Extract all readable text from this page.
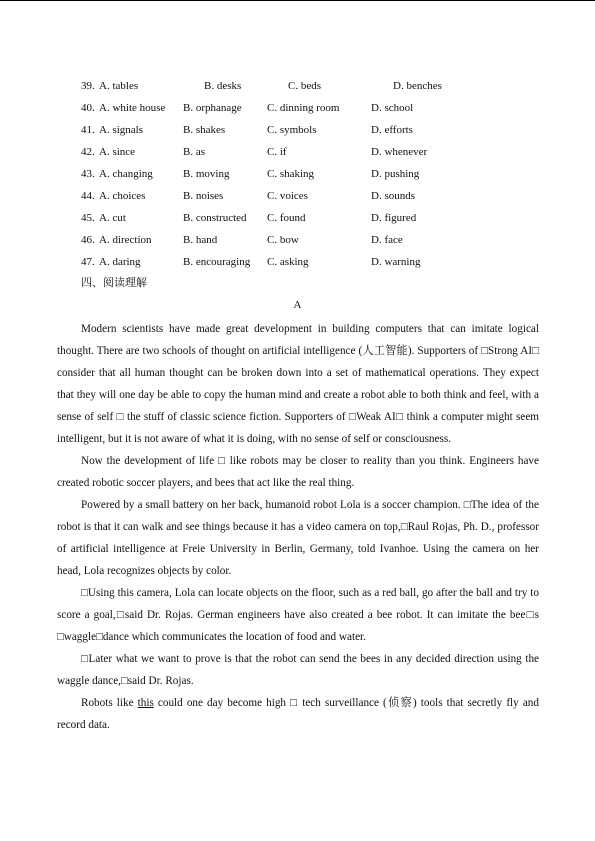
39. A. tables	B. desks	C. beds	D. benches
40. A. white house B. orphanage C. dinning room	D. school
41. A. signals	B. shakes	C. symbols	D. efforts
42. A. since	B. as	C. if	D. whenever
43. A. changing	B. moving	C. shaking	D. pushing
44. A. choices	B. noises	C. voices	D. sounds
45. A. cut	B. constructed C. found	D. figured
46. A. direction	B. hand	C. bow	D. face
47. A. daring	B. encouraging C. asking	D. warning
四、阅读理解
A

Modern scientists have made great development in building computers that can imitate logical thought. There are two schools of thought on artificial intelligence (人工智能). Supporters of □Strong AI□ consider that all human thought can be broken down into a set of mathematical operations. They expect that they will one day be able to copy the human mind and create a robot able to both think and feel, with a sense of self □ the stuff of classic science fiction. Supporters of □Weak AI□ think a computer might seem intelligent, but it is not aware of what it is doing, with no sense of self or consciousness.

Now the development of life □ like robots may be closer to reality than you think. Engineers have created robotic soccer players, and bees that act like the real thing.

Powered by a small battery on her back, humanoid robot Lola is a soccer champion. □The idea of the robot is that it can walk and see things because it has a video camera on top,□Raul Rojas, Ph. D., professor of artificial intelligence at Freie University in Berlin, Germany, told Ivanhoe. Using the camera on her head, Lola recognizes objects by color.

□Using this camera, Lola can locate objects on the floor, such as a red ball, go after the ball and try to score a goal,□said Dr. Rojas. German engineers have also created a bee robot. It can imitate the bee□s □waggle□dance which communicates the location of food and water.

□Later what we want to prove is that the robot can send the bees in any decided direction using the waggle dance,□said Dr. Rojas.

Robots like this could one day become high □ tech surveillance (侦察) tools that secretly fly and record data.
